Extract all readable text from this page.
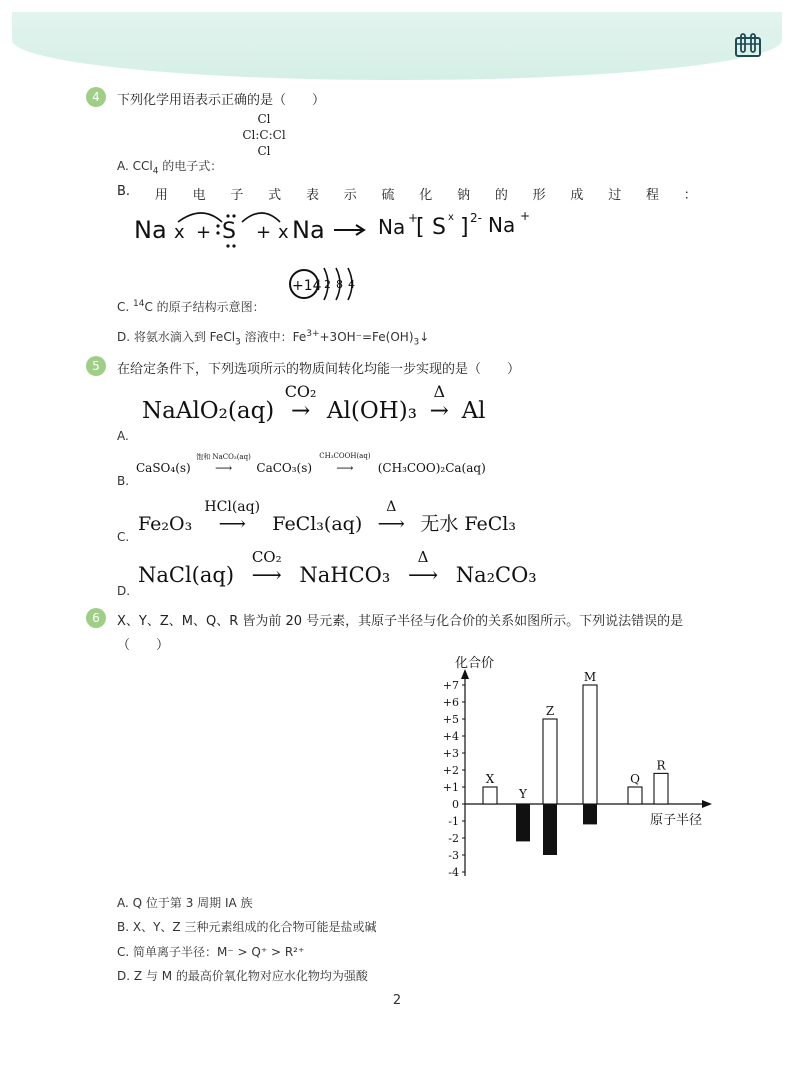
4	下列化学用语表示正确的是（　　）
Cl
Cl:C:Cl
Cl
A. CCl$_4$ 的电子式：
B. 用 电 子 式 表 示 硫 化 钠 的 形 成 过 程 ：
Na x + S + x Na	Na +
[ S x ] 2- Na +
+14 2 8 4
C. $^{14}$C 的原子结构示意图：
D. 将氨水滴入到 FeCl$_3$ 溶液中：$Fe^{3+}+3OH^-=Fe(OH)_3↓$
5	在给定条件下，下列选项所示的物质间转化均能一步实现的是（　　）
A.
NaAlO₂(aq)
CO₂
→ Al(OH)₃
Δ
→ Al
B.
CaSO₄(s)
饱和 NaCO₃(aq)
⟶ CaCO₃(s)
CH₃COOH(aq)
⟶ (CH₃COO)₂Ca(aq)
C.
Fe₂O₃
HCl(aq)
⟶ FeCl₃(aq)
Δ
⟶ 无水 FeCl₃
D.
NaCl(aq)
CO₂
⟶ NaHCO₃
Δ
⟶ Na₂CO₃
6	X、Y、Z、M、Q、R 皆为前 20 号元素，其原子半径与化合价的关系如图所示。下列说法错误的是
（　　）
化合价
原子半径
+7
+6
+5
+4
+3
+2
+1
0
-1
-2
-3
-4
X
Y
Z
M
Q
R
A. Q 位于第 3 周期 ⅠA 族
B. X、Y、Z 三种元素组成的化合物可能是盐或碱
C. 简单离子半径：M⁻ > Q⁺ > R²⁺
D. Z 与 M 的最高价氧化物对应水化物均为强酸
2
